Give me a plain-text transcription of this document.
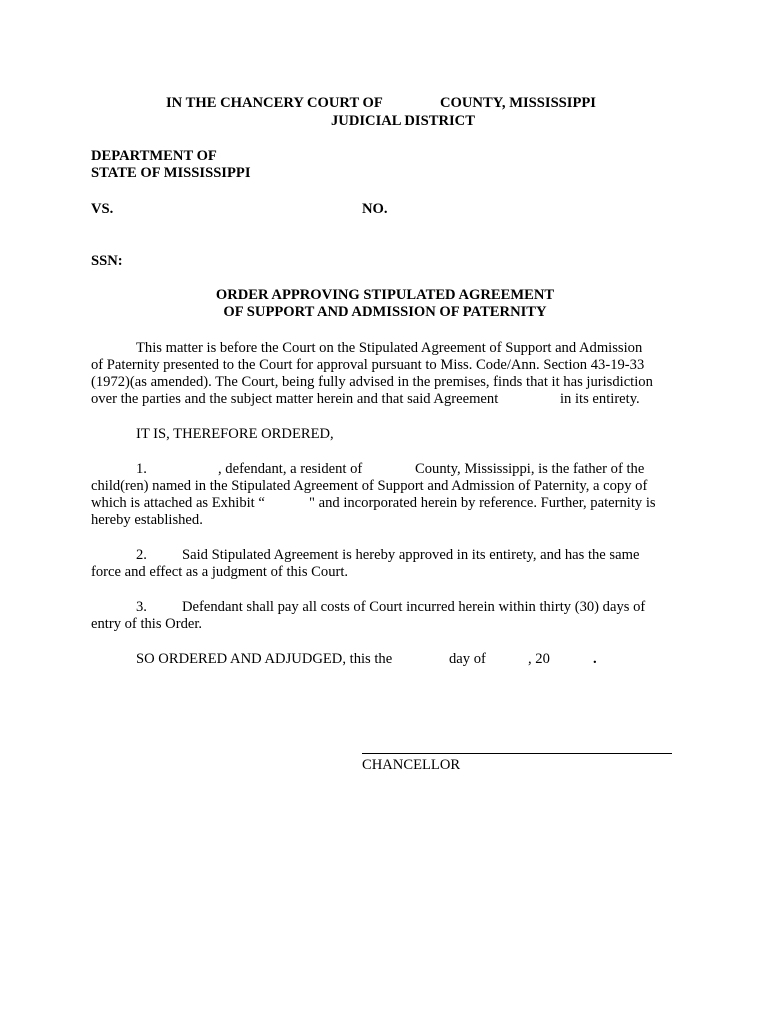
IN THE CHANCERY COURT OF	COUNTY, MISSISSIPPI
JUDICIAL DISTRICT
DEPARTMENT OF
STATE OF MISSISSIPPI
VS.	NO.
SSN:
ORDER APPROVING STIPULATED AGREEMENT
OF SUPPORT AND ADMISSION OF PATERNITY
This matter is before the Court on the Stipulated Agreement of Support and Admission
of Paternity presented to the Court for approval pursuant to Miss. Code/Ann. Section 43-19-33
(1972)(as amended). The Court, being fully advised in the premises, finds that it has jurisdiction
over the parties and the subject matter herein and that said Agreement	in its entirety.
IT IS, THEREFORE ORDERED,
1.	, defendant, a resident of	County, Mississippi, is the father of the
child(ren) named in the Stipulated Agreement of Support and Admission of Paternity, a copy of
which is attached as Exhibit “	" and incorporated herein by reference. Further, paternity is
hereby established.
2. Said Stipulated Agreement is hereby approved in its entirety, and has the same
force and effect as a judgment of this Court.
3. Defendant shall pay all costs of Court incurred herein within thirty (30) days of
entry of this Order.
SO ORDERED AND ADJUDGED, this the	day of	, 20	.
CHANCELLOR
